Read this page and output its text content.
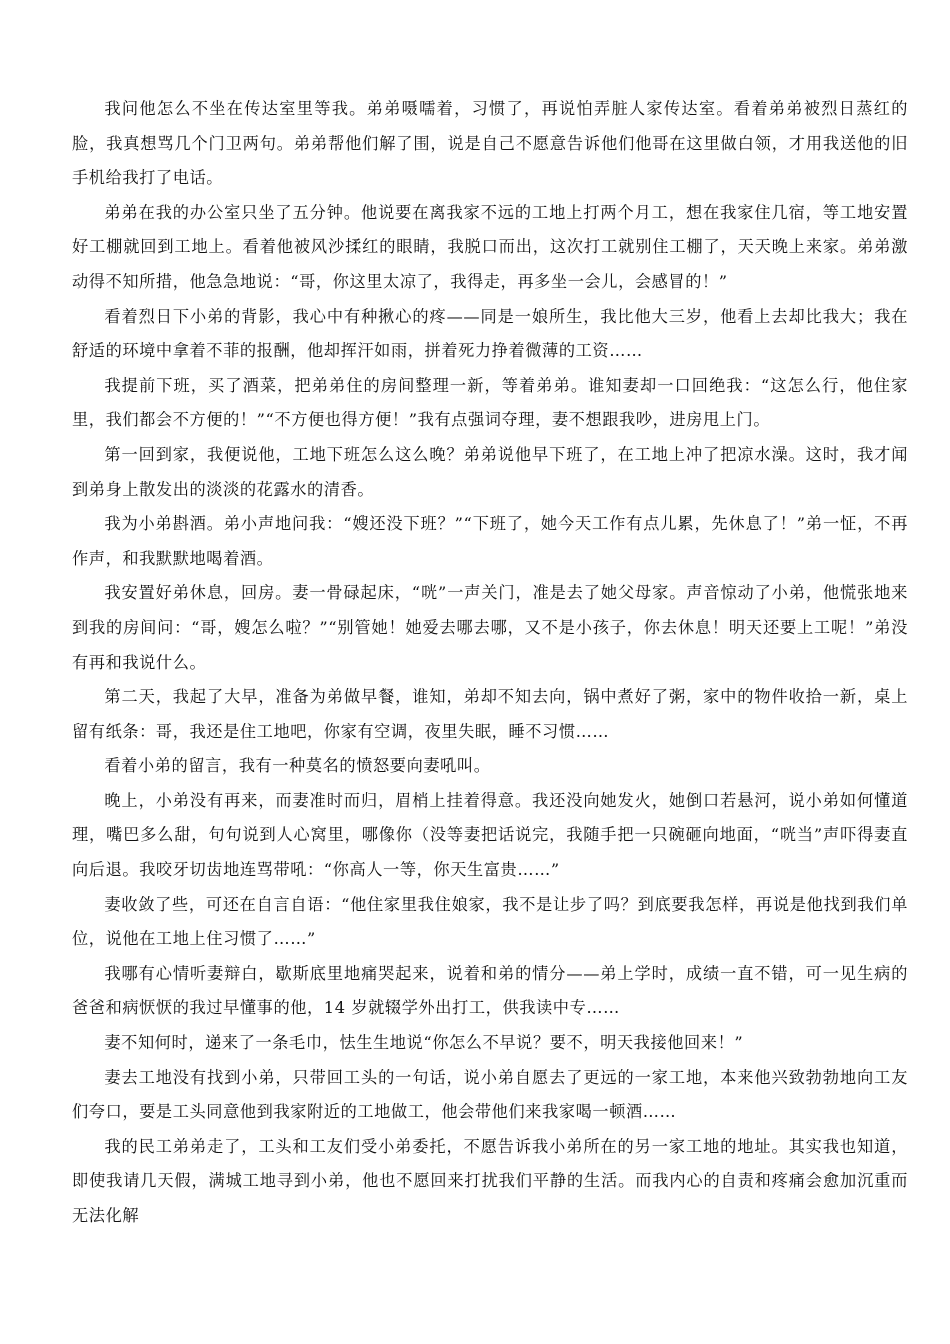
我问他怎么不坐在传达室里等我。弟弟嗫嚅着，习惯了，再说怕弄脏人家传达室。看着弟弟被烈日蒸红的脸，我真想骂几个门卫两句。弟弟帮他们解了围，说是自己不愿意告诉他们他哥在这里做白领，才用我送他的旧手机给我打了电话。

弟弟在我的办公室只坐了五分钟。他说要在离我家不远的工地上打两个月工，想在我家住几宿，等工地安置好工棚就回到工地上。看着他被风沙揉红的眼睛，我脱口而出，这次打工就别住工棚了，天天晚上来家。弟弟激动得不知所措，他急急地说：“哥，你这里太凉了，我得走，再多坐一会儿，会感冒的！”

看着烈日下小弟的背影，我心中有种揪心的疼——同是一娘所生，我比他大三岁，他看上去却比我大；我在舒适的环境中拿着不菲的报酬，他却挥汗如雨，拼着死力挣着微薄的工资……

我提前下班，买了酒菜，把弟弟住的房间整理一新，等着弟弟。谁知妻却一口回绝我：“这怎么行，他住家里，我们都会不方便的！”“不方便也得方便！”我有点强词夺理，妻不想跟我吵，进房甩上门。

第一回到家，我便说他，工地下班怎么这么晚？弟弟说他早下班了，在工地上冲了把凉水澡。这时，我才闻到弟身上散发出的淡淡的花露水的清香。

我为小弟斟酒。弟小声地问我：“嫂还没下班？”“下班了，她今天工作有点儿累，先休息了！”弟一怔，不再作声，和我默默地喝着酒。

我安置好弟休息，回房。妻一骨碌起床，“咣”一声关门，准是去了她父母家。声音惊动了小弟，他慌张地来到我的房间问：“哥，嫂怎么啦？”“别管她！她爱去哪去哪，又不是小孩子，你去休息！明天还要上工呢！”弟没有再和我说什么。

第二天，我起了大早，准备为弟做早餐，谁知，弟却不知去向，锅中煮好了粥，家中的物件收拾一新，桌上留有纸条：哥，我还是住工地吧，你家有空调，夜里失眠，睡不习惯……

看着小弟的留言，我有一种莫名的愤怒要向妻吼叫。

晚上，小弟没有再来，而妻准时而归，眉梢上挂着得意。我还没向她发火，她倒口若悬河，说小弟如何懂道理，嘴巴多么甜，句句说到人心窝里，哪像你（没等妻把话说完，我随手把一只碗砸向地面，“咣当”声吓得妻直向后退。我咬牙切齿地连骂带吼：“你高人一等，你天生富贵……”

妻收敛了些，可还在自言自语：“他住家里我住娘家，我不是让步了吗？到底要我怎样，再说是他找到我们单位，说他在工地上住习惯了……”

我哪有心情听妻辩白，歇斯底里地痛哭起来，说着和弟的情分——弟上学时，成绩一直不错，可一见生病的爸爸和病恹恹的我过早懂事的他，14 岁就辍学外出打工，供我读中专……

妻不知何时，递来了一条毛巾，怯生生地说“你怎么不早说？要不，明天我接他回来！”

妻去工地没有找到小弟，只带回工头的一句话，说小弟自愿去了更远的一家工地，本来他兴致勃勃地向工友们夸口，要是工头同意他到我家附近的工地做工，他会带他们来我家喝一顿酒……

我的民工弟弟走了，工头和工友们受小弟委托，不愿告诉我小弟所在的另一家工地的地址。其实我也知道，即使我请几天假，满城工地寻到小弟，他也不愿回来打扰我们平静的生活。而我内心的自责和疼痛会愈加沉重而无法化解
